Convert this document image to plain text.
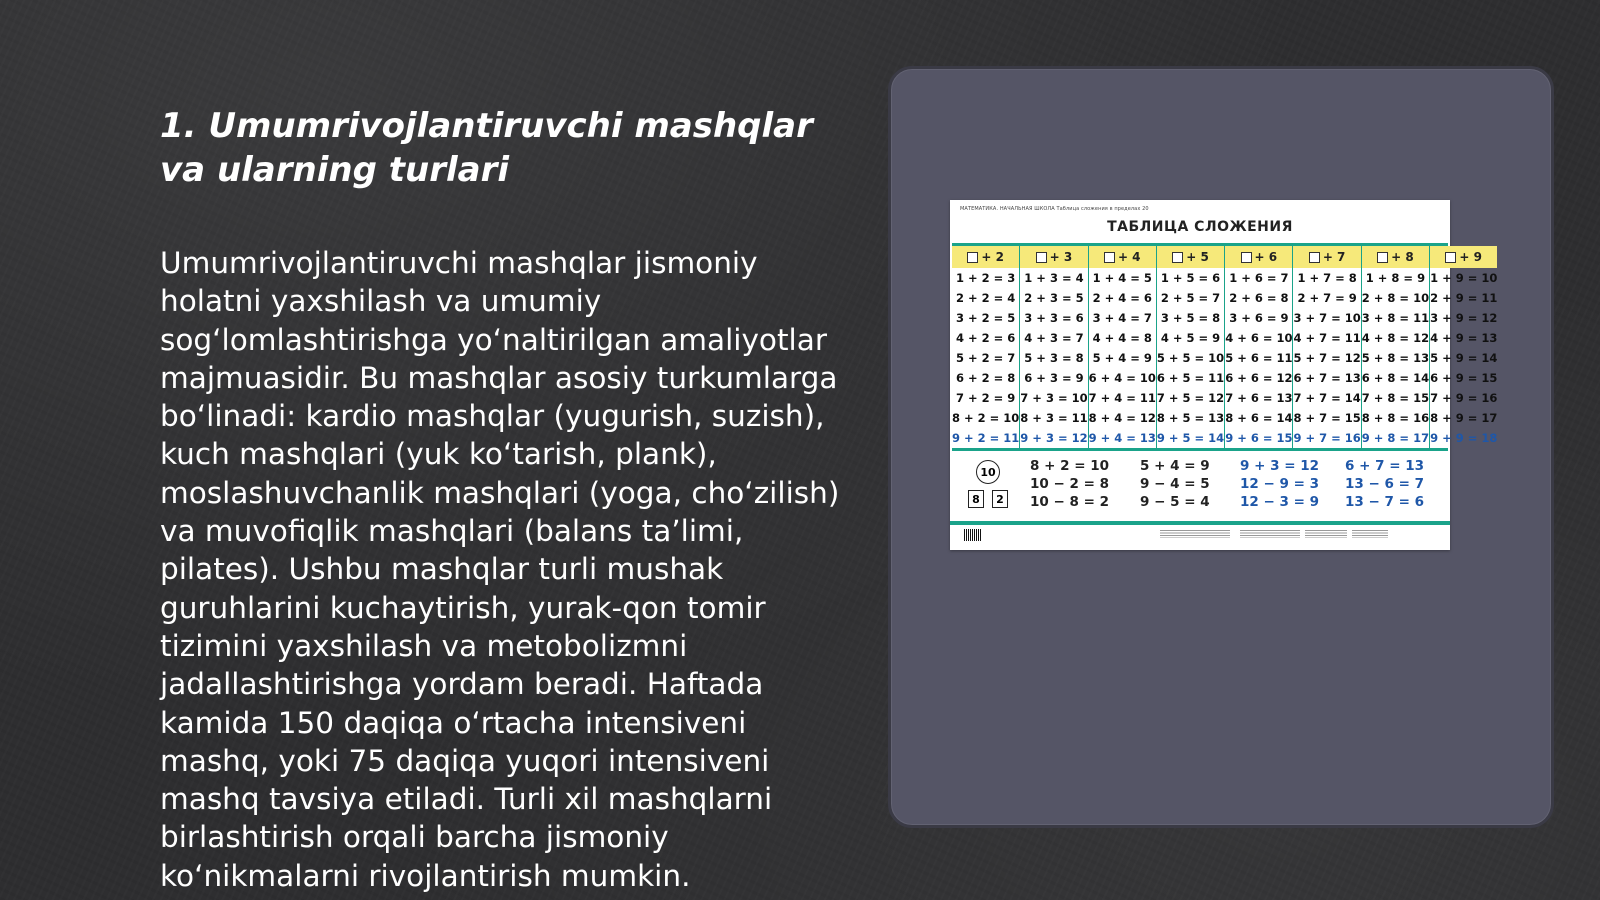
1. Umumrivojlantiruvchi mashqlar va ularning turlari

Umumrivojlantiruvchi mashqlar jismoniy holatni yaxshilash va umumiy sog‘lomlashtirishga yo‘naltirilgan amaliyotlar majmuasidir. Bu mashqlar asosiy turkumlarga bo‘linadi: kardio mashqlar (yugurish, suzish), kuch mashqlari (yuk ko‘tarish, plank), moslashuvchanlik mashqlari (yoga, cho‘zilish) va muvofiqlik mashqlari (balans ta’limi, pilates). Ushbu mashqlar turli mushak guruhlarini kuchaytirish, yurak-qon tomir tizimini yaxshilash va metobolizmni jadallashtirishga yordam beradi. Haftada kamida 150 daqiqa o‘rtacha intensiveni mashq, yoki 75 daqiqa yuqori intensiveni mashq tavsiya etiladi. Turli xil mashqlarni birlashtirish orqali barcha jismoniy ko‘nikmalarni rivojlantirish mumkin.

МАТЕМАТИКА. НАЧАЛЬНАЯ ШКОЛА Таблица сложения в пределах 20
ТАБЛИЦА СЛОЖЕНИЯ
+ 2
1 + 2 = 3
2 + 2 = 4
3 + 2 = 5
4 + 2 = 6
5 + 2 = 7
6 + 2 = 8
7 + 2 = 9
8 + 2 = 10
9 + 2 = 11
+ 3
1 + 3 = 4
2 + 3 = 5
3 + 3 = 6
4 + 3 = 7
5 + 3 = 8
6 + 3 = 9
7 + 3 = 10
8 + 3 = 11
9 + 3 = 12
+ 4
1 + 4 = 5
2 + 4 = 6
3 + 4 = 7
4 + 4 = 8
5 + 4 = 9
6 + 4 = 10
7 + 4 = 11
8 + 4 = 12
9 + 4 = 13
+ 5
1 + 5 = 6
2 + 5 = 7
3 + 5 = 8
4 + 5 = 9
5 + 5 = 10
6 + 5 = 11
7 + 5 = 12
8 + 5 = 13
9 + 5 = 14
+ 6
1 + 6 = 7
2 + 6 = 8
3 + 6 = 9
4 + 6 = 10
5 + 6 = 11
6 + 6 = 12
7 + 6 = 13
8 + 6 = 14
9 + 6 = 15
+ 7
1 + 7 = 8
2 + 7 = 9
3 + 7 = 10
4 + 7 = 11
5 + 7 = 12
6 + 7 = 13
7 + 7 = 14
8 + 7 = 15
9 + 7 = 16
+ 8
1 + 8 = 9
2 + 8 = 10
3 + 8 = 11
4 + 8 = 12
5 + 8 = 13
6 + 8 = 14
7 + 8 = 15
8 + 8 = 16
9 + 8 = 17
+ 9
1 + 9 = 10
2 + 9 = 11
3 + 9 = 12
4 + 9 = 13
5 + 9 = 14
6 + 9 = 15
7 + 9 = 16
8 + 9 = 17
9 + 9 = 18
10
8	2
8 + 2 = 10
10 − 2 = 8
10 − 8 = 2
5 + 4 = 9
9 − 4 = 5
9 − 5 = 4
9 + 3 = 12
12 − 9 = 3
12 − 3 = 9
6 + 7 = 13
13 − 6 = 7
13 − 7 = 6
